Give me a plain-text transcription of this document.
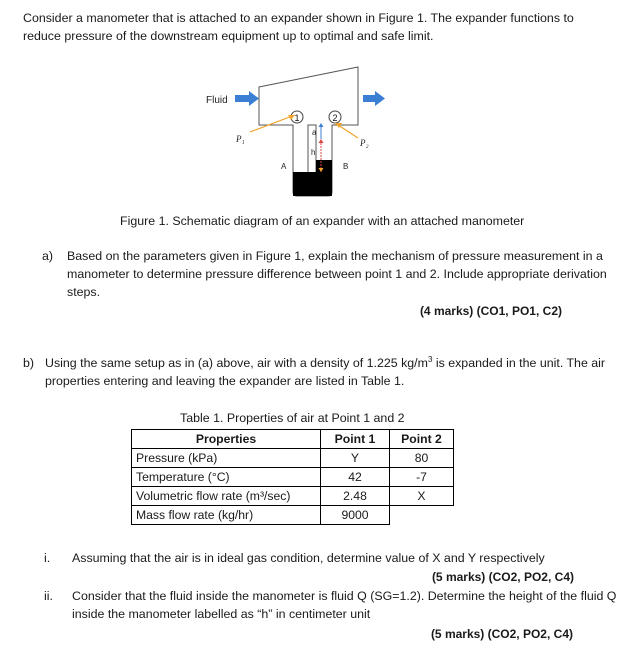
Consider a manometer that is attached to an expander shown in Figure 1. The expander functions to reduce pressure of the downstream equipment up to optimal and safe limit.
Fluid
1	2
P₁	P₂
a
h
A	B
Figure 1. Schematic diagram of an expander with an attached manometer
a) Based on the parameters given in Figure 1, explain the mechanism of pressure measurement in a manometer to determine pressure difference between point 1 and 2. Include appropriate derivation steps.
(4 marks) (CO1, PO1, C2)
b) Using the same setup as in (a) above, air with a density of 1.225 $kg/m^3$ is expanded in the unit. The air properties entering and leaving the expander are listed in Table 1.
Table 1. Properties of air at Point 1 and 2
Properties	Point 1	Point 2
Pressure (kPa)	Y	80
Temperature (°C)	42	-7
Volumetric flow rate (m³/sec)	2.48	X
Mass flow rate (kg/hr)	9000	
i. Assuming that the air is in ideal gas condition, determine value of X and Y respectively
(5 marks) (CO2, PO2, C4)
ii. Consider that the fluid inside the manometer is fluid Q (SG=1.2). Determine the height of the fluid Q inside the manometer labelled as “h” in centimeter unit
(5 marks) (CO2, PO2, C4)
